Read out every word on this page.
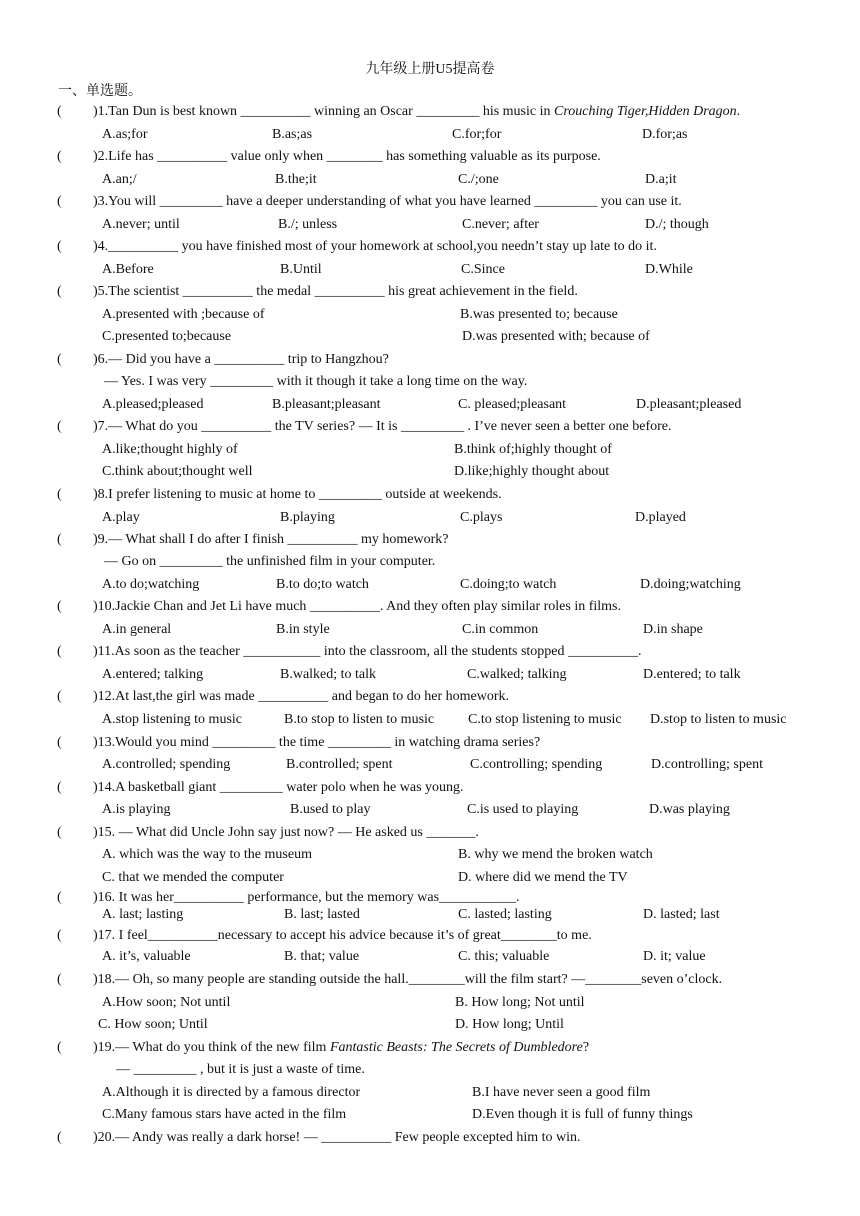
九年级上册U5提高卷
一、单选题。
( )1.Tan Dun is best known __________ winning an Oscar _________ his music in Crouching Tiger,Hidden Dragon.
A.as;for	B.as;as	C.for;for	D.for;as
( )2.Life has __________ value only when ________ has something valuable as its purpose.
A.an;/	B.the;it	C./;one	D.a;it
( )3.You will _________ have a deeper understanding of what you have learned _________ you can use it.
A.never; until	B./; unless	C.never; after	D./; though
( )4.__________ you have finished most of your homework at school,you needn’t stay up late to do it.
A.Before	B.Until	C.Since	D.While
( )5.The scientist __________ the medal __________ his great achievement in the field.
A.presented with ;because of	B.was presented to; because
C.presented to;because	D.was presented with; because of
( )6.— Did you have a __________ trip to Hangzhou?
— Yes. I was very _________ with it though it take a long time on the way.
A.pleased;pleased	B.pleasant;pleasant	C. pleased;pleasant	D.pleasant;pleased
( )7.— What do you __________ the TV series? — It is _________ . I’ve never seen a better one before.
A.like;thought highly of	B.think of;highly thought of
C.think about;thought well	D.like;highly thought about
( )8.I prefer listening to music at home to _________ outside at weekends.
A.play	B.playing	C.plays	D.played
( )9.— What shall I do after I finish __________ my homework?
— Go on _________ the unfinished film in your computer.
A.to do;watching	B.to do;to watch	C.doing;to watch	D.doing;watching
( )10.Jackie Chan and Jet Li have much __________. And they often play similar roles in films.
A.in general	B.in style	C.in common	D.in shape
( )11.As soon as the teacher ___________ into the classroom, all the students stopped __________.
A.entered; talking	B.walked; to talk	C.walked; talking	D.entered; to talk
( )12.At last,the girl was made __________ and began to do her homework.
A.stop listening to music	B.to stop to listen to music C.to stop listening to music D.stop to listen to music
( )13.Would you mind _________ the time _________ in watching drama series?
A.controlled; spending	B.controlled; spent	C.controlling; spending	D.controlling; spent
( )14.A basketball giant _________ water polo when he was young.
A.is playing	B.used to play	C.is used to playing	D.was playing
( )15. — What did Uncle John say just now? — He asked us _______.
A. which was the way to the museum	B. why we mend the broken watch
C. that we mended the computer	D. where did we mend the TV
( )16. It was her__________ performance, but the memory was___________.
A. last; lasting	B. last; lasted	C. lasted; lasting	D. lasted; last
( )17. I feel__________necessary to accept his advice because it’s of great________to me.
A. it’s, valuable	B. that; value	C. this; valuable	D. it; value
( )18.— Oh, so many people are standing outside the hall.________will the film start? —________seven o’clock.
A.How soon; Not until	B. How long; Not until
C. How soon; Until	D. How long; Until
( )19.— What do you think of the new film Fantastic Beasts: The Secrets of Dumbledore?
— _________ , but it is just a waste of time.
A.Although it is directed by a famous director	B.I have never seen a good film
C.Many famous stars have acted in the film	D.Even though it is full of funny things
( )20.— Andy was really a dark horse! — __________ Few people excepted him to win.
